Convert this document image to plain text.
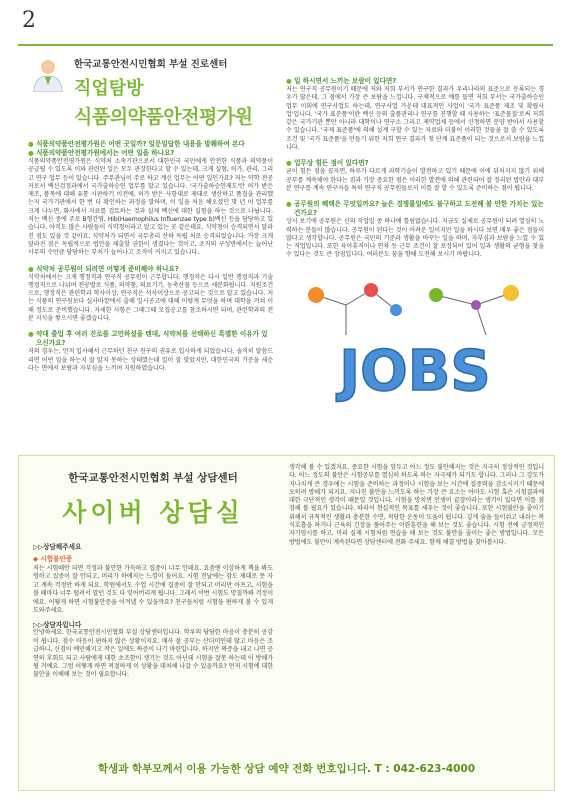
2
한국교통안전시민협회 부설 진로센터
직업탐방
식품의약품안전평가원
● 식품의약품안전평가원은 어떤 곳일까? 일문일답한 내용을 발췌하여 본다
● 식품의약품안전평가원에서는 어떤 일을 하나요?
식품의약품안전평가원은 식약처 소속기관으로서 대한민국 국민에게 안전한 식품과 의약품이 공급될 수 있도록 이와 관련된 일은 모두 관장한다고 할 수 있는데, 크게 실험, 허가, 관리, 그리고 연구 업무 등이 있습니다. 주무관님이 주로 하고 계신 업무는 어떤 일인가요? 저는 약학 전공자로서 백신검정과에서 국가출하승인 업무를 맡고 있습니다. '국가출하승인제도'란 허가 받은 제조, 품목에 대해 유통 시판하기 이전에, 허가 받은 사항대로 제대로 생산하고 품질을 관리했는지 국가기관에서 한 번 더 확인하는 과정을 말하며, 이 일을 처음 해오셨던 몇 년 이 업무를 크게 나누면, 화사에서 자료를 검토하는 것과 실제 백신에 대한 실험을 하는 것으로 나뉩니다. 저는 백신 중에 주로 B형간염, Hib(Haemophilus Influenzae type b)백신 등을 담당하고 있습니다. 아직도 많은 사람들이 식약청이라고 알고 있는 곳 같은데요. 식약청이 승격되면서 달라진 점도 있을 것 같아요. 식약처가 되면서 국무총리 산하 독립 처로 승격되었습니다. 가장 크게 달라진 점은 독립적으로 법안을 제출할 권한이 생겼다는 것이고, 조직의 구성면에서는 늘어난 사무의 수만큼 담당하는 부처가 늘어나고 조직이 커지고 있습니다.
● 식약처 공무원이 되려면 어떻게 준비해야 하나요?
식약처에서는 크게 행정직과 연구직 공무원이 근무합니다. 행정직은 다시 일반 행정직과 기술 행정직으로 나뉘며 전공별로 식품, 의약품, 의료기기, 농축산물 등으로 세분화됩니다. 지원조건으로, 행정직은 관련학과 학사이상, 연구직은 석사이상으로 공고되는 것으로 알고 있습니다. 저는 식품의 연구원보다 실사바깥에서 출해 일시공고에 대해 이렇게 무엇을 하며 대학을 거쳐 이해 정도로 준비했습니다. 자세한 사항은 그때그때 모집공고를 참조하시면 되며, 관련학과의 전문 지식을 쌓으시면 좋겠습니다.
● 약대 출업 후 여러 진로를 고민하셨을 텐데, 식약처를 선택하신 특별한 이유가 있으신가요?
저의 경우는, 먼저 입사해서 근무하던 친구 친구의 권유로 입사하게 되었습니다. 솔직히 말씀드리면 어떤 일을 하는지 잘 알지 못하는 상태였는데 일이 잘 맞았지만, 대한민국의 기준을 세운다는 면에서 보람과 자부심을 느끼며 지원하였습니다.
● 일 하시면서 느끼는 보람이 있다면?
저는 연구직 공무원이기 때문에 저와 저희 부서가 연구한 결과가 우리나라의 표준으로 등록되는 경우가 많은데, 그 점에서 가장 큰 보람을 느낍니다. 구체적으로 예를 들면 저희 부서는 국가출하승인 업무 이외에 연구사업도 하는데, 연구사업 가운데 대표적인 사업이 '국가 표준품 제조 및 확립사업'입니다. '국가 표준품'이란 백신 등의 출품관리나 연구를 진행할 때 사용하는 '표준물질'로써 저희 같은 국가기관 뿐만 아니라 대학이나 연구소 그리고 제약업체 등에서 신청하면 분양 받아서 사용할 수 있습니다. '국제 표준품'에 의해 설계 구할 수 있는 자료와 더불어 이러한 것들을 잘 쓸 수 있도록 조건 및 '국가 표준품'을 만들기 위한 저희 연구 결과가 첫 단계 표준품이 되는 것으로서 보람을 느낍니다.
● 업무상 힘든 점이 있다면?
굳이 힘든 점을 꼽자면, 하루가 다르게 과학기술이 발전하고 있기 때문에 이에 뒤처지지 않기 위해 공부를 계속해야 한다는 점과 가장 중요한 점은 이러한 발전에 의해 관련되어 잘 정리된 법안과 대부분 연구를 계속 연구자들 특히 연구직 공무원들로서 이를 잘 할 수 있도록 준비하는 점이 됩니다.
● 공무원의 혜택은 무엇일까요? 늘은 경쟁률일에도 불구하고 도전해 볼 만한 가치는 있는 건가요?
상시 보기에 공무원은 신의 직업일 중 하나에 틀림없습니다. 지금도 실제로 공무원이 되려 열심히 노력하는 분들이 많습니다. 공무원이 된다는 것이 어려운 일이지만 일을 하시다 보면 매우 좋은 점들이 많다고 생각합니다. 공무원은 국민의 기준과 생활을 바꾸는 일을 하며, 자부심과 보람을 느낄 수 있는 직업입니다. 또한 육아휴직이나 연차 등 근무 조건이 잘 보장되어 있어 일과 생활의 균형을 찾을 수 있다는 것도 큰 장점입니다. 여러분도 꿈을 향해 도전해 보시기 바랍니다.
JOBS
한국교통안전시민협회 부설 상담센터
사이버 상담실
▷▷상담해주세요
◆ 시험불안증
저는 시험때만 되면 걱정과 불안한 가득하고 집중이 너무 안돼요. 요즘엔 이상하게 책을 봐도 멍하고 집중이 잘 안되고, 머리가 하얘지는 느낌이 들어요. 시험 전날에는 잠도 제대로 못 자고 계속 걱정만 하게 되요. 학원에서도 수업 시간에 집중이 잘 안되고 머리만 아프고, 시험을 볼 때마다 너무 떨려서 알던 것도 다 잊어버리게 됩니다. 그래서 이번 시험도 망칠까봐 걱정이에요. 어떻게 하면 시험불안증을 이겨낼 수 있을까요? 친구들처럼 시험을 편하게 볼 수 있게 도와주세요.
▷▷상담자입니다
안녕하세요. 한국교통안전시민협회 부설 상담센터입니다. 학우의 담담한 마음이 충분히 공감이 됩니다. 점수 마음이 편하지 않은 상황이지요. 매사 잘 공부는 산더미인데 많고 마음은 조급하니, 신경이 예민해지고 작은 일에도 짜증이 나기 마련입니다. 하지만 짜증을 내고 나면 공연히 후회도 되고 사람에게 대한 초조함이 생기는 것도 아닌데 시험을 잘못 하는데 이 방해가 될 거예요. 그럼 어떻게 하면 적절하게 이 상황을 대처해 나갈 수 있을까요? 먼저 시험에 대한 불안을 이해해 보는 것이 필요합니다.
생각해 볼 수 있겠지요. 중요한 시험을 앞두고 어느 정도 불안해지는 것은 지극히 정상적인 것입니다. 어느 정도의 불안은 시험공부를 열심히 하도록 하는 자극제가 되기도 합니다. 그러나 그 강도가 지나치게 큰 경우에는 시험을 준비하는 과정이나 시험을 보는 시간에 집중력을 감소시키기 때문에 오히려 방해가 되지요. 지나친 불안을 느끼도록 하는 가장 큰 요소는 아마도 시험 혹은 시험결과에 대한 극단적인 생각이 때문일 것입니다. 시험을 망치면 인생이 끝장이라는 생각이 있다면 이를 점검해 볼 필요가 있습니다. 따라서 현실적인 목표를 세우는 것이 좋습니다. 또한 시험불안을 줄이기 위해서 규칙적인 생활과 충분한 수면, 적당한 운동이 도움이 됩니다. 깊게 숨을 들이쉬고 내쉬는 복식호흡을 하거나 근육의 긴장을 풀어주는 이완훈련을 해 보는 것도 좋습니다. 시험 전에 긍정적인 자기암시를 하고, 미리 실제 시험처럼 연습을 해 보는 것도 불안을 줄이는 좋은 방법입니다. 모든 방법에도 불안이 계속된다면 상담센터에 전화 주세요. 함께 해결 방법을 찾아봅시다.
학생과 학부모께서 이용 가능한 상담 예약 전화 번호입니다. T : 042-623-4000
